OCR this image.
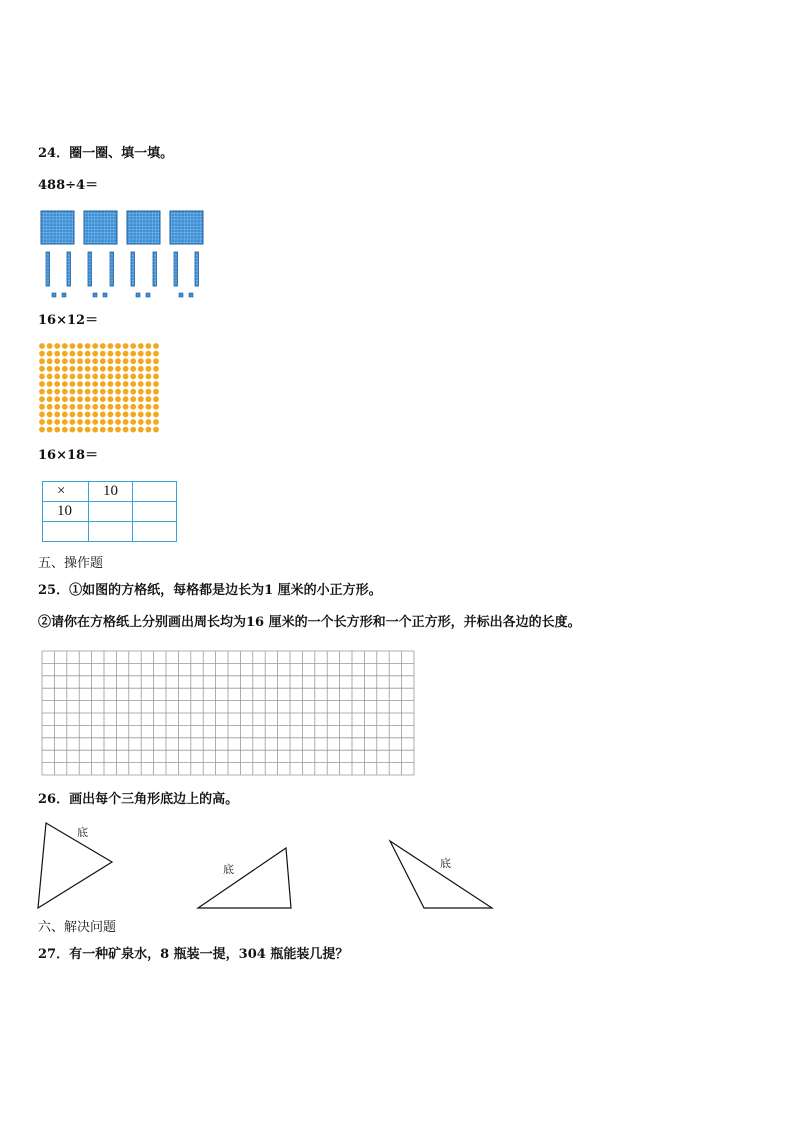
24．圈一圈、填一填。
488÷4＝
16×12＝
16×18＝
×	10	
10		

五、操作题
25．①如图的方格纸，每格都是边长为1 厘米的小正方形。
②请你在方格纸上分别画出周长均为16 厘米的一个长方形和一个正方形，并标出各边的长度。
26．画出每个三角形底边上的高。
底
底	底
六、解决问题
27．有一种矿泉水，8 瓶装一提，304 瓶能装几提？
